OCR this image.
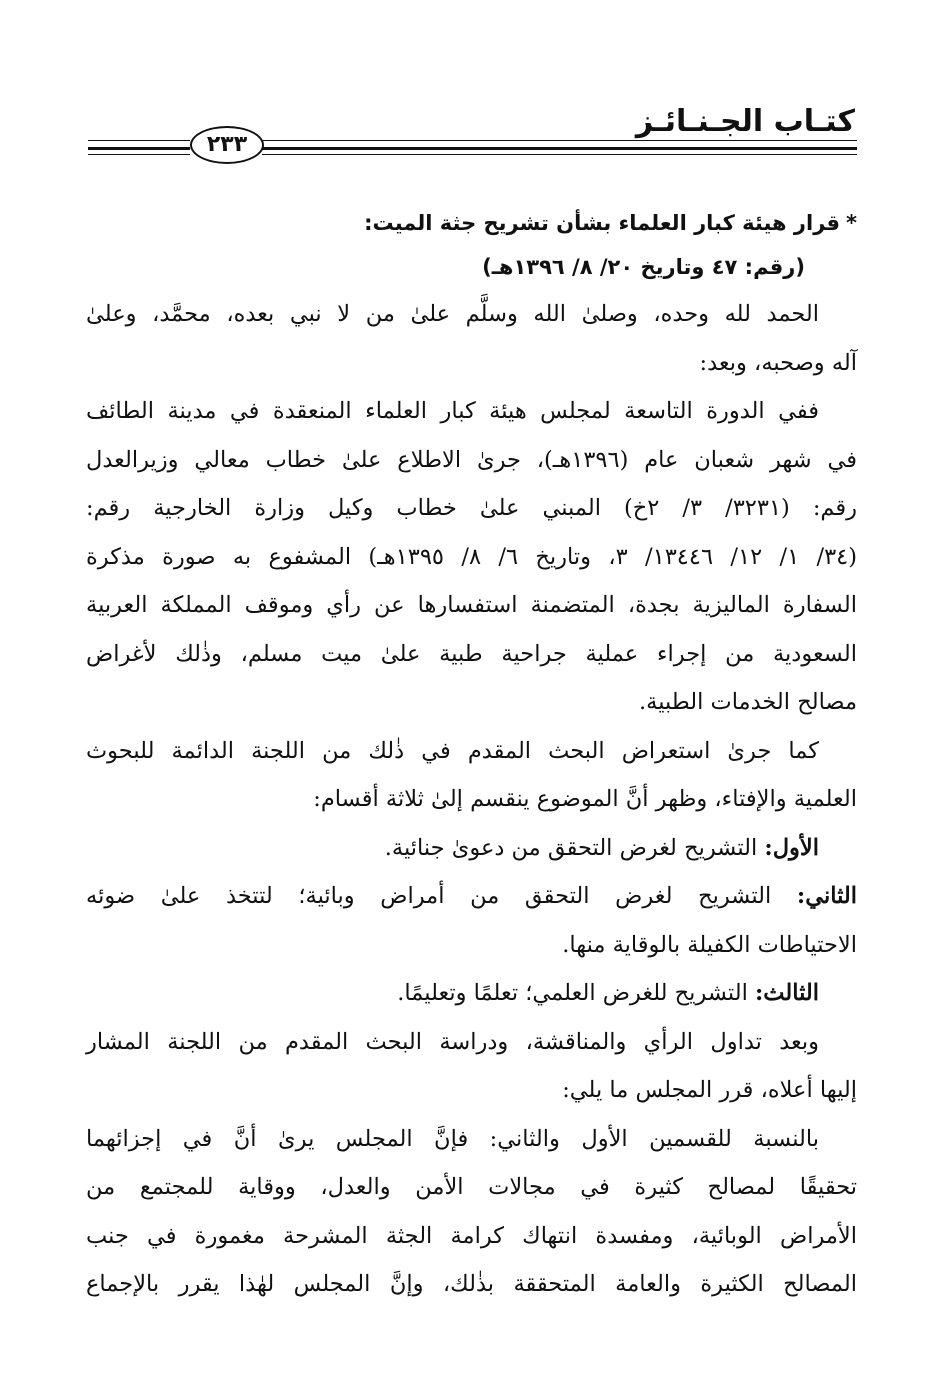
كتـاب الجـنـائـز
٢٣٣
*قرار هيئة كبار العلماء بشأن تشريح جثة الميت:
(رقم: ٤٧ وتاريخ ٢٠/ ٨/ ١٣٩٦هـ)
الحمد لله وحده، وصلىٰ الله وسلَّم علىٰ من لا نبي بعده، محمَّد، وعلىٰ
آله وصحبه، وبعد:
ففي الدورة التاسعة لمجلس هيئة كبار العلماء المنعقدة في مدينة الطائف
في شهر شعبان عام (١٣٩٦هـ)، جرىٰ الاطلاع علىٰ خطاب معالي وزيرالعدل
رقم: (٣٢٣١/ ٣/ ٢خ) المبني علىٰ خطاب وكيل وزارة الخارجية رقم:
(٣٤/ ١/ ١٢/ ١٣٤٤٦/ ٣، وتاريخ ٦/ ٨/ ١٣٩٥هـ) المشفوع به صورة مذكرة
السفارة الماليزية بجدة، المتضمنة استفسارها عن رأي وموقف المملكة العربية
السعودية من إجراء عملية جراحية طبية علىٰ ميت مسلم، وذٰلك لأغراض
مصالح الخدمات الطبية.
كما جرىٰ استعراض البحث المقدم في ذٰلك من اللجنة الدائمة للبحوث
العلمية والإفتاء، وظهر أنَّ الموضوع ينقسم إلىٰ ثلاثة أقسام:
الأول: التشريح لغرض التحقق من دعوىٰ جنائية.
الثاني: التشريح لغرض التحقق من أمراض وبائية؛ لتتخذ علىٰ ضوئه
الاحتياطات الكفيلة بالوقاية منها.
الثالث: التشريح للغرض العلمي؛ تعلمًا وتعليمًا.
وبعد تداول الرأي والمناقشة، ودراسة البحث المقدم من اللجنة المشار
إليها أعلاه، قرر المجلس ما يلي:
بالنسبة للقسمين الأول والثاني: فإنَّ المجلس يرىٰ أنَّ في إجزائهما
تحقيقًا لمصالح كثيرة في مجالات الأمن والعدل، ووقاية للمجتمع من
الأمراض الوبائية، ومفسدة انتهاك كرامة الجثة المشرحة مغمورة في جنب
المصالح الكثيرة والعامة المتحققة بذٰلك، وإنَّ المجلس لهٰذا يقرر بالإجماع
